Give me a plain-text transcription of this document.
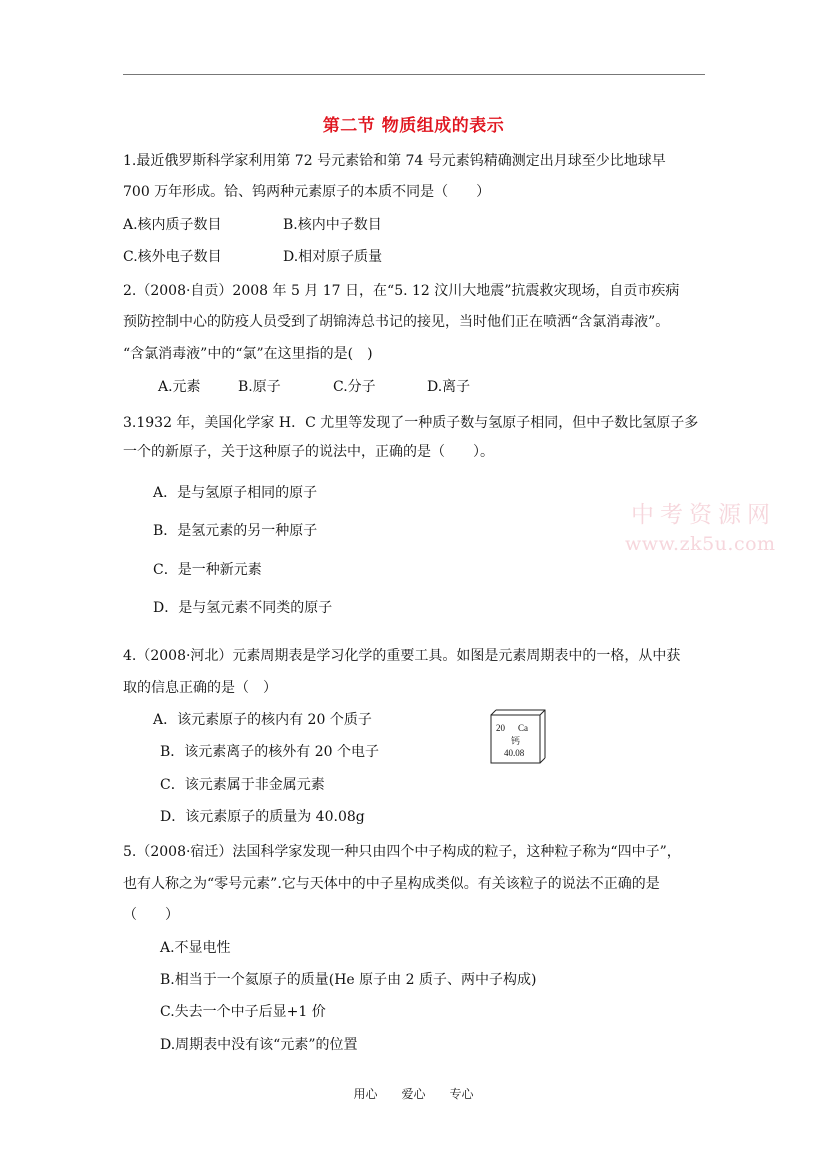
第二节 物质组成的表示
1.最近俄罗斯科学家利用第 72 号元素铪和第 74 号元素钨精确测定出月球至少比地球早
700 万年形成。铪、钨两种元素原子的本质不同是（　　）
A.核内质子数目	B.核内中子数目
C.核外电子数目	D.相对原子质量
2.（2008·自贡）2008 年 5 月 17 日，在“5. 12 汶川大地震”抗震救灾现场，自贡市疾病
预防控制中心的防疫人员受到了胡锦涛总书记的接见，当时他们正在喷洒“含氯消毒液”。
“含氯消毒液”中的“氯”在这里指的是(　)
A.元素	B.原子	C.分子	D.离子
3.1932 年，美国化学家 H．C 尤里等发现了一种质子数与氢原子相同，但中子数比氢原子多
一个的新原子，关于这种原子的说法中，正确的是（　　）。
A．是与氢原子相同的原子
B．是氢元素的另一种原子
C．是一种新元素
D．是与氢元素不同类的原子
中考资源网
www.zk5u.com
4.（2008·河北）元素周期表是学习化学的重要工具。如图是元素周期表中的一格，从中获
取的信息正确的是（　）
A．该元素原子的核内有 20 个质子
B．该元素离子的核外有 20 个电子
C．该元素属于非金属元素
D．该元素原子的质量为 40.08g
20 Ca
钙
40.08
5.（2008·宿迁）法国科学家发现一种只由四个中子构成的粒子，这种粒子称为“四中子”，
也有人称之为“零号元素”.它与天体中的中子星构成类似。有关该粒子的说法不正确的是
（　　）
A.不显电性
B.相当于一个氦原子的质量(He 原子由 2 质子、两中子构成)
C.失去一个中子后显+1 价
D.周期表中没有该“元素”的位置
用心　　爱心　　专心
